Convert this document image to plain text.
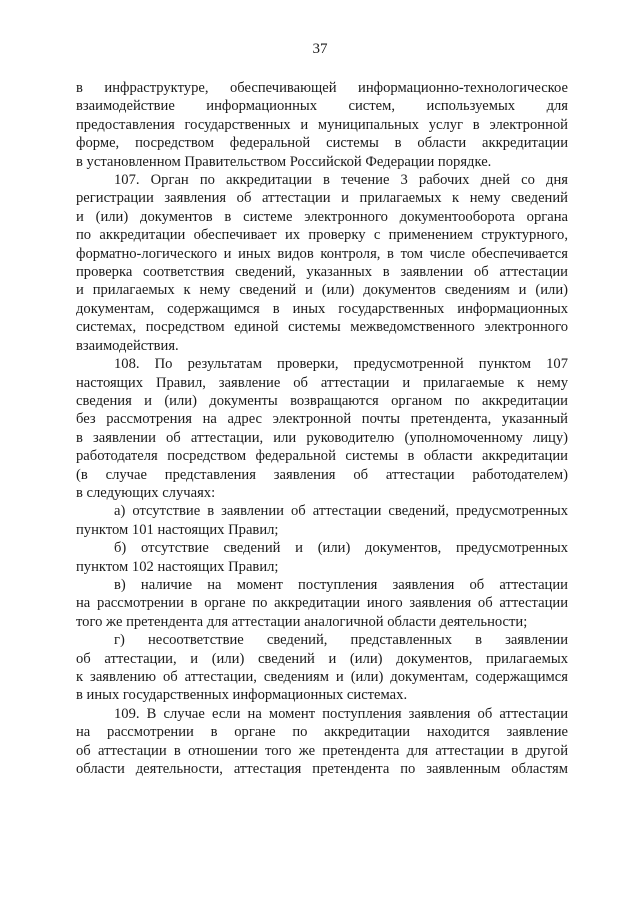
37
в инфраструктуре, обеспечивающей информационно-технологическое
взаимодействие информационных систем, используемых для
предоставления государственных и муниципальных услуг в электронной
форме, посредством федеральной системы в области аккредитации
в установленном Правительством Российской Федерации порядке.
107. Орган по аккредитации в течение 3 рабочих дней со дня
регистрации заявления об аттестации и прилагаемых к нему сведений
и (или) документов в системе электронного документооборота органа
по аккредитации обеспечивает их проверку с применением структурного,
форматно-логического и иных видов контроля, в том числе обеспечивается
проверка соответствия сведений, указанных в заявлении об аттестации
и прилагаемых к нему сведений и (или) документов сведениям и (или)
документам, содержащимся в иных государственных информационных
системах, посредством единой системы межведомственного электронного
взаимодействия.
108. По результатам проверки, предусмотренной пунктом 107
настоящих Правил, заявление об аттестации и прилагаемые к нему
сведения и (или) документы возвращаются органом по аккредитации
без рассмотрения на адрес электронной почты претендента, указанный
в заявлении об аттестации, или руководителю (уполномоченному лицу)
работодателя посредством федеральной системы в области аккредитации
(в случае представления заявления об аттестации работодателем)
в следующих случаях:
а) отсутствие в заявлении об аттестации сведений, предусмотренных
пунктом 101 настоящих Правил;
б) отсутствие сведений и (или) документов, предусмотренных
пунктом 102 настоящих Правил;
в) наличие на момент поступления заявления об аттестации
на рассмотрении в органе по аккредитации иного заявления об аттестации
того же претендента для аттестации аналогичной области деятельности;
г) несоответствие сведений, представленных в заявлении
об аттестации, и (или) сведений и (или) документов, прилагаемых
к заявлению об аттестации, сведениям и (или) документам, содержащимся
в иных государственных информационных системах.
109. В случае если на момент поступления заявления об аттестации
на рассмотрении в органе по аккредитации находится заявление
об аттестации в отношении того же претендента для аттестации в другой
области деятельности, аттестация претендента по заявленным областям
